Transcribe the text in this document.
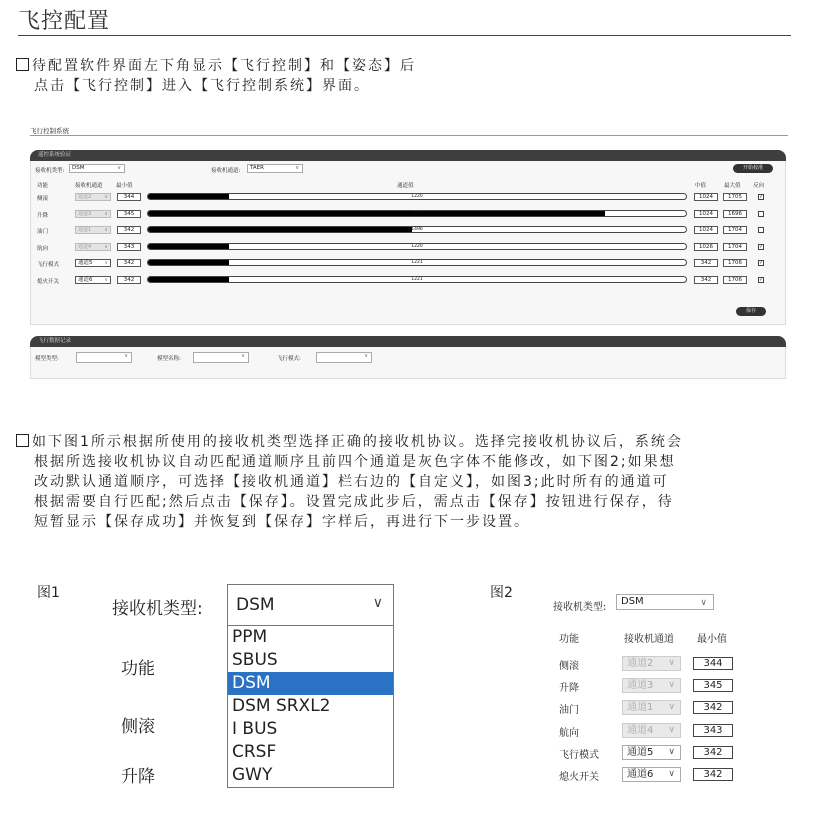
飞控配置
待配置软件界面左下角显示【飞行控制】和【姿态】后
点击【飞行控制】进入【飞行控制系统】界面。
飞行控制系统
遥控系统验证
接收机类型:	DSM	∨	接收机通道:	TAER	∨	开始校准
功能	接收机通道 最小值	通道值	中值	最大值 反向
侧滚	通道2	∨	344	1220	1024	1705	✓
升降	通道3	∨	345	1783	1024	1696
油门	通道1	∨	342	1496	1024	1704
航向	通道4	∨	343	1220	1026	1704	✓
飞行模式	通道5 ∨	342	1221	342	1706	✓
熄火开关	通道6 ∨	342	1221	342	1706	✓
保存
飞行数据记录
模型类型:	∨	模型名称:	∨	飞行模式:	∨
如下图1所示根据所使用的接收机类型选择正确的接收机协议。选择完接收机协议后，系统会
根据所选接收机协议自动匹配通道顺序且前四个通道是灰色字体不能修改，如下图2;如果想
改动默认通道顺序，可选择【接收机通道】栏右边的【自定义】，如图3;此时所有的通道可
根据需要自行匹配;然后点击【保存】。设置完成此步后，需点击【保存】按钮进行保存，待
短暂显示【保存成功】并恢复到【保存】字样后，再进行下一步设置。
图1
接收机类型:	DSM	∨
PPM
SBUS
DSM
DSM SRXL2
I BUS
CRSF
GWY
功能
侧滚
升降
图2
接收机类型:
DSM	∨
功能	接收机通道 最小值
侧滚	通道2 ∨	344
升降	通道3 ∨	345
油门	通道1 ∨	342
航向	通道4 ∨	343
飞行模式	通道5 ∨	342
熄火开关	通道6 ∨	342
